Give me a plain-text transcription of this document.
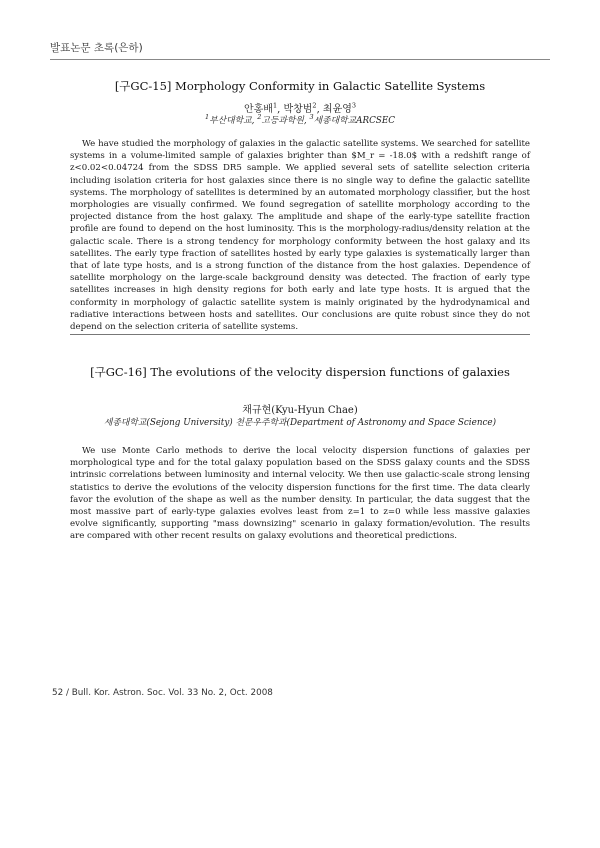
발표논문 초록(은하)
[구GC-15] Morphology Conformity in Galactic Satellite Systems
안홍배$^1$, 박창범$^2$, 최윤영$^3$
$^1$부산대학교, $^2$고등과학원, $^3$세종대학교ARCSEC
We have studied the morphology of galaxies in the galactic satellite systems. We searched for satellite systems in a volume-limited sample of galaxies brighter than $M_r = -18.0$ with a redshift range of z<0.02<0.04724 from the SDSS DR5 sample. We applied several sets of satellite selection criteria including isolation criteria for host galaxies since there is no single way to define the galactic satellite systems. The morphology of satellites is determined by an automated morphology classifier, but the host morphologies are visually confirmed. We found segregation of satellite morphology according to the projected distance from the host galaxy. The amplitude and shape of the early-type satellite fraction profile are found to depend on the host luminosity. This is the morphology-radius/density relation at the galactic scale. There is a strong tendency for morphology conformity between the host galaxy and its satellites. The early type fraction of satellites hosted by early type galaxies is systematically larger than that of late type hosts, and is a strong function of the distance from the host galaxies. Dependence of satellite morphology on the large-scale background density was detected. The fraction of early type satellites increases in high density regions for both early and late type hosts. It is argued that the conformity in morphology of galactic satellite system is mainly originated by the hydrodynamical and radiative interactions between hosts and satellites. Our conclusions are quite robust since they do not depend on the selection criteria of satellite systems.
[구GC-16] The evolutions of the velocity dispersion functions of galaxies
채규현(Kyu-Hyun Chae)
세종대학교(Sejong University) 천문우주학과(Department of Astronomy and Space Science)
We use Monte Carlo methods to derive the local velocity dispersion functions of galaxies per morphological type and for the total galaxy population based on the SDSS galaxy counts and the SDSS intrinsic correlations between luminosity and internal velocity. We then use galactic-scale strong lensing statistics to derive the evolutions of the velocity dispersion functions for the first time. The data clearly favor the evolution of the shape as well as the number density. In particular, the data suggest that the most massive part of early-type galaxies evolves least from z=1 to z=0 while less massive galaxies evolve significantly, supporting "mass downsizing" scenario in galaxy formation/evolution. The results are compared with other recent results on galaxy evolutions and theoretical predictions.
52 / Bull. Kor. Astron. Soc. Vol. 33 No. 2, Oct. 2008
